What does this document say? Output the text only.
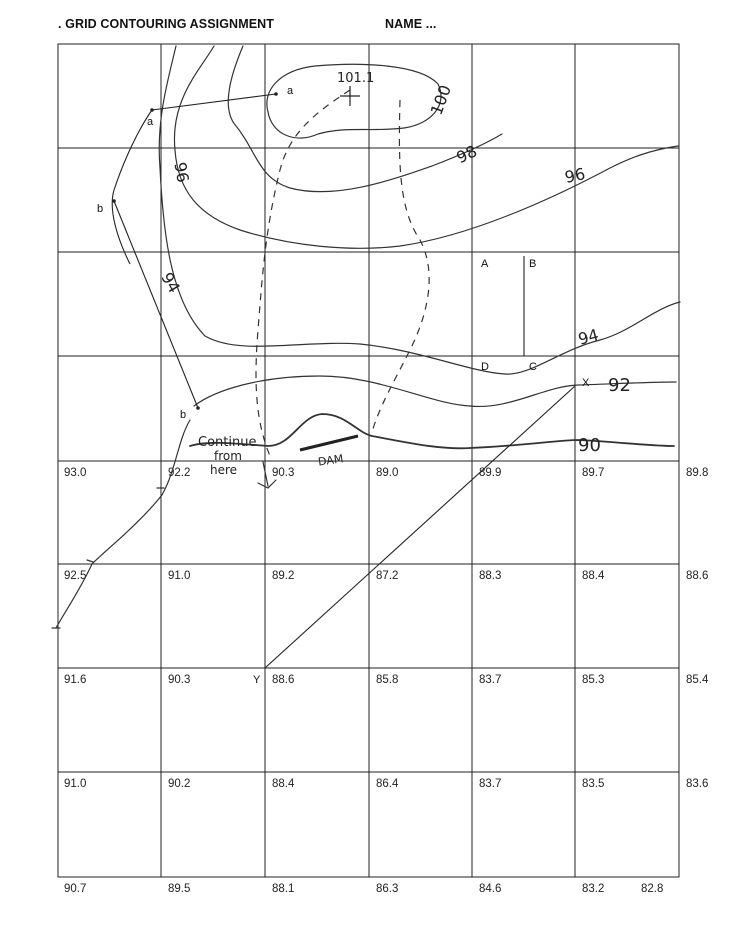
. GRID CONTOURING ASSIGNMENT	NAME ...
93.0	92.2	90.3	89.0	89.9	89.7	89.8
92.5	91.0	89.2	87.2	88.3	88.4	88.6
91.6	90.3	88.6	85.8	83.7	85.3	85.4
91.0	90.2	88.4	86.4	83.7	83.5	83.6
90.7	89.5	88.1	86.3	84.6	83.2	82.8
DAM
101.1
a
a
b
b
A	B
C
D
X
Y
100
98
96	96
94
94
92
90
Continue
from
here
